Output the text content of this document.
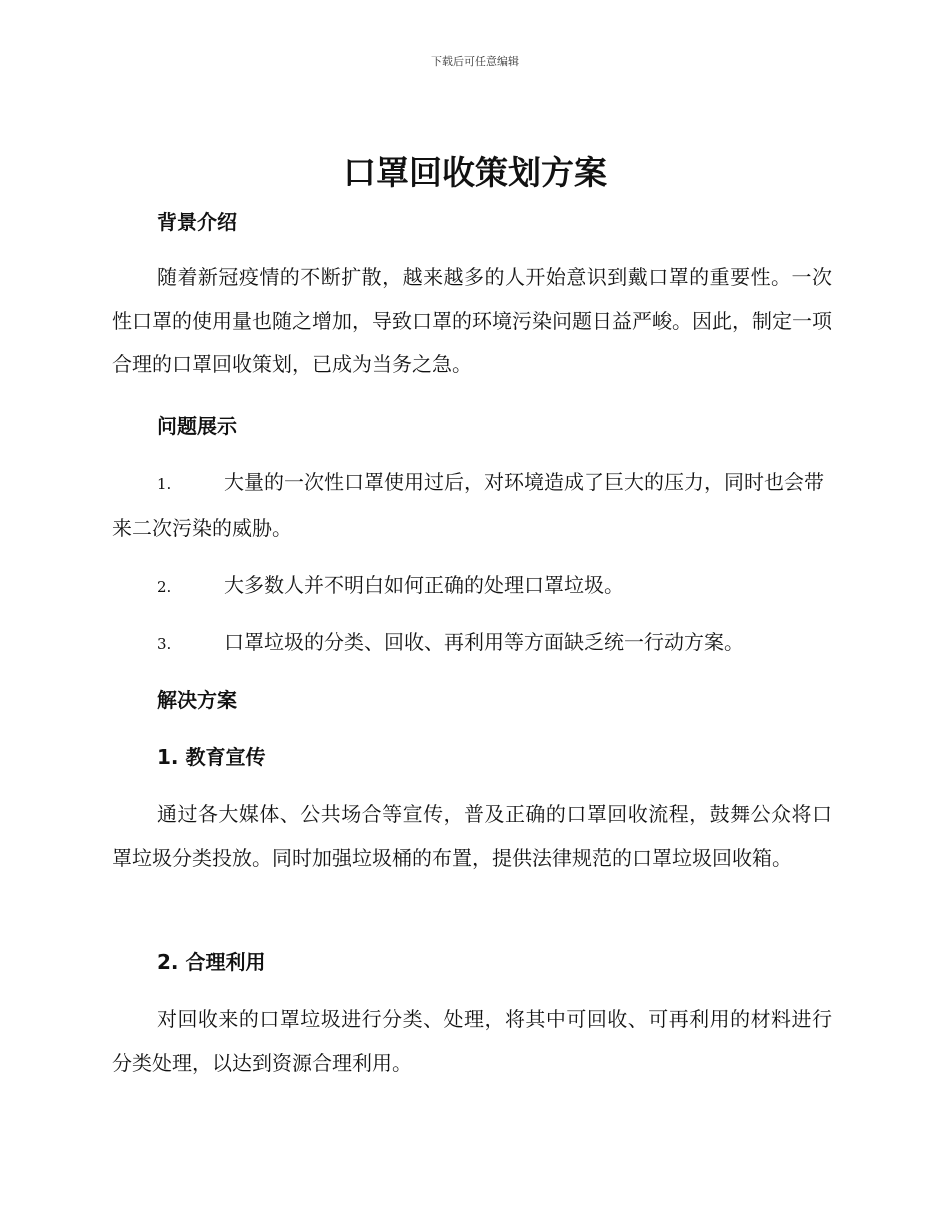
下载后可任意编辑
口罩回收策划方案
背景介绍
随着新冠疫情的不断扩散，越来越多的人开始意识到戴口罩的重要性。一次性口罩的使用量也随之增加，导致口罩的环境污染问题日益严峻。因此，制定一项合理的口罩回收策划，已成为当务之急。
问题展示
1.	大量的一次性口罩使用过后，对环境造成了巨大的压力，同时也会带来二次污染的威胁。
2.	大多数人并不明白如何正确的处理口罩垃圾。
3.	口罩垃圾的分类、回收、再利用等方面缺乏统一行动方案。
解决方案
1. 教育宣传
通过各大媒体、公共场合等宣传，普及正确的口罩回收流程，鼓舞公众将口罩垃圾分类投放。同时加强垃圾桶的布置，提供法律规范的口罩垃圾回收箱。
2. 合理利用
对回收来的口罩垃圾进行分类、处理，将其中可回收、可再利用的材料进行分类处理，以达到资源合理利用。
